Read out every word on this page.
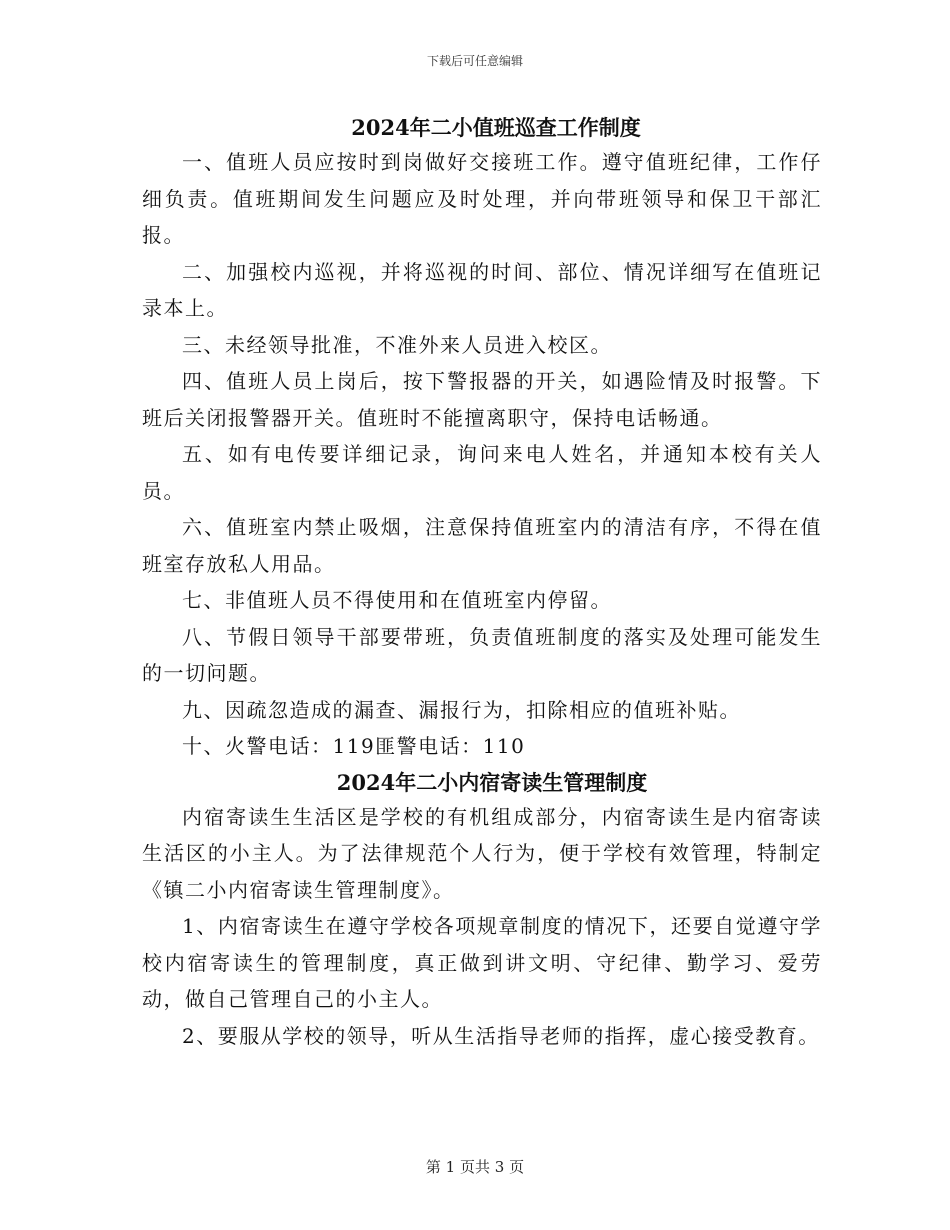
下载后可任意编辑
2024年二小值班巡查工作制度

一、值班人员应按时到岗做好交接班工作。遵守值班纪律，工作仔细负责。值班期间发生问题应及时处理，并向带班领导和保卫干部汇报。

二、加强校内巡视，并将巡视的时间、部位、情况详细写在值班记录本上。

三、未经领导批准，不准外来人员进入校区。

四、值班人员上岗后，按下警报器的开关，如遇险情及时报警。下班后关闭报警器开关。值班时不能擅离职守，保持电话畅通。

五、如有电传要详细记录，询问来电人姓名，并通知本校有关人员。

六、值班室内禁止吸烟，注意保持值班室内的清洁有序，不得在值班室存放私人用品。

七、非值班人员不得使用和在值班室内停留。

八、节假日领导干部要带班，负责值班制度的落实及处理可能发生的一切问题。

九、因疏忽造成的漏查、漏报行为，扣除相应的值班补贴。

十、火警电话：119匪警电话：110

2024年二小内宿寄读生管理制度

内宿寄读生生活区是学校的有机组成部分，内宿寄读生是内宿寄读生活区的小主人。为了法律规范个人行为，便于学校有效管理，特制定《镇二小内宿寄读生管理制度》。

1、内宿寄读生在遵守学校各项规章制度的情况下，还要自觉遵守学校内宿寄读生的管理制度，真正做到讲文明、守纪律、勤学习、爱劳动，做自己管理自己的小主人。

2、要服从学校的领导，听从生活指导老师的指挥，虚心接受教育。

第 1 页共 3 页
